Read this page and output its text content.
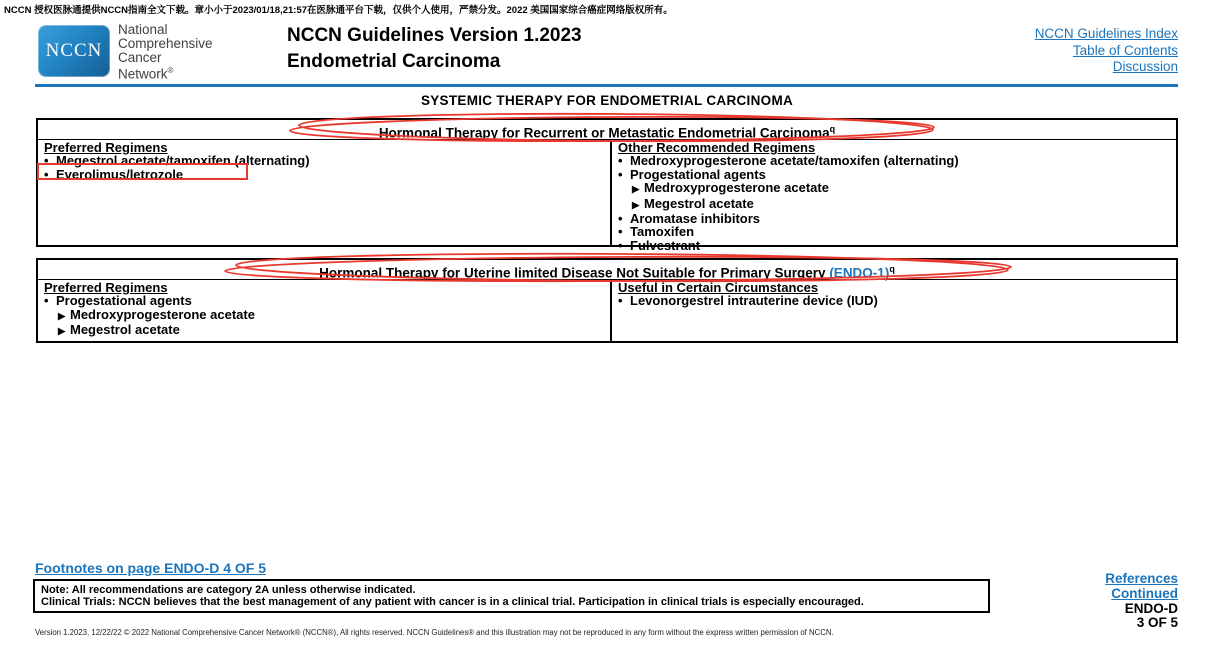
NCCN 授权医脉通提供NCCN指南全文下载。章小小于2023/01/18,21:57在医脉通平台下载，仅供个人使用，严禁分发。2022 美国国家综合癌症网络版权所有。
NCCN
National
Comprehensive
Cancer
Network®
NCCN Guidelines Version 1.2023
Endometrial Carcinoma
NCCN Guidelines Index
Table of Contents
Discussion
SYSTEMIC THERAPY FOR ENDOMETRIAL CARCINOMA
Hormonal Therapy for Recurrent or Metastatic Endometrial Carcinoma$^q$
Preferred Regimens
• Megestrol acetate/tamoxifen (alternating)
• Everolimus/letrozole
Other Recommended Regimens
• Medroxyprogesterone acetate/tamoxifen (alternating)
• Progestational agents
▶ Medroxyprogesterone acetate
▶ Megestrol acetate
• Aromatase inhibitors
• Tamoxifen
• Fulvestrant
Hormonal Therapy for Uterine limited Disease Not Suitable for Primary Surgery (ENDO-1)$^q$
Preferred Regimens
• Progestational agents
▶ Medroxyprogesterone acetate
▶ Megestrol acetate
Useful in Certain Circumstances
• Levonorgestrel intrauterine device (IUD)
Footnotes on page ENDO-D 4 OF 5
Note: All recommendations are category 2A unless otherwise indicated.
Clinical Trials: NCCN believes that the best management of any patient with cancer is in a clinical trial. Participation in clinical trials is especially encouraged.
References
Continued
ENDO-D
3 OF 5
Version 1.2023, 12/22/22 © 2022 National Comprehensive Cancer Network® (NCCN®), All rights reserved. NCCN Guidelines® and this illustration may not be reproduced in any form without the express written permission of NCCN.
